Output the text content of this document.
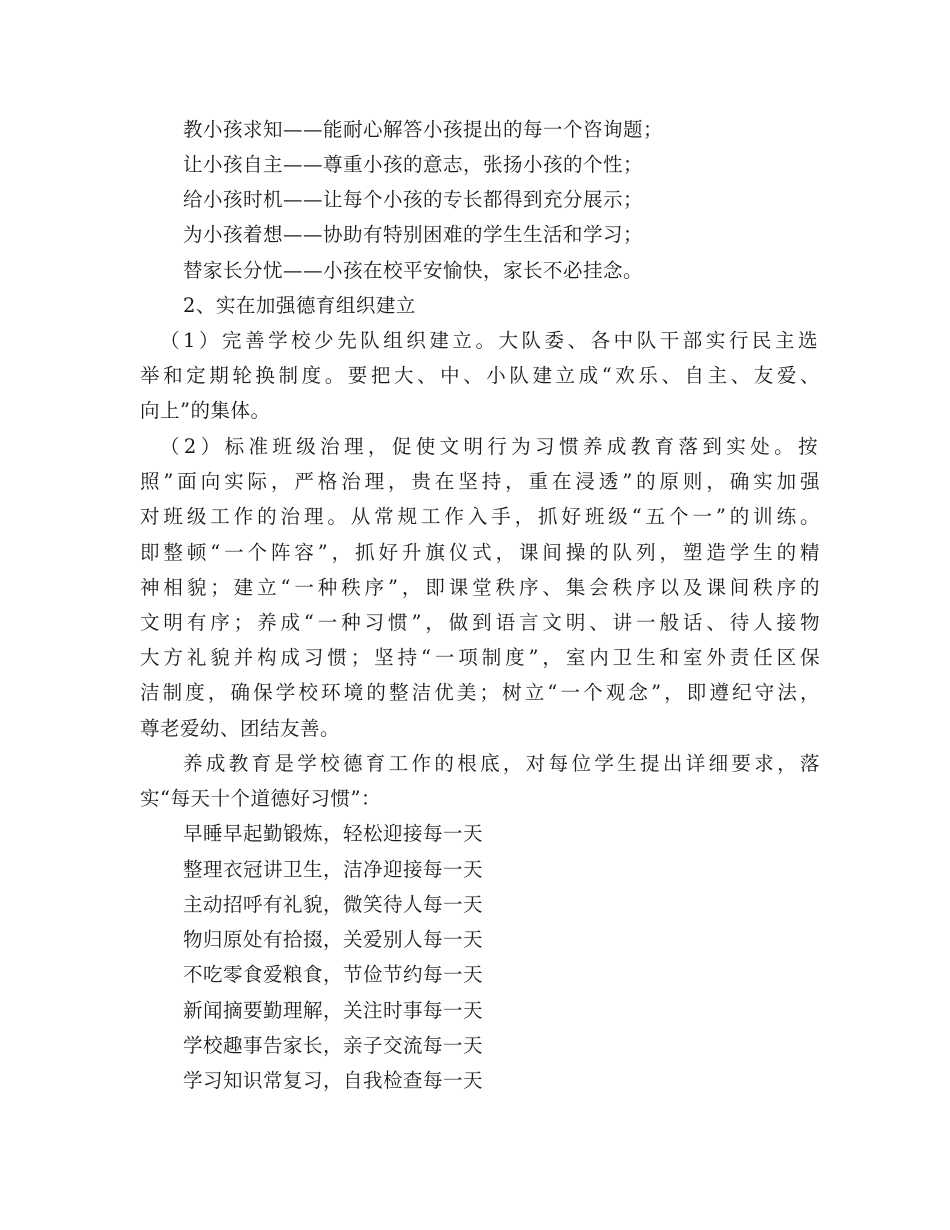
教小孩求知——能耐心解答小孩提出的每一个咨询题；
让小孩自主——尊重小孩的意志，张扬小孩的个性；
给小孩时机——让每个小孩的专长都得到充分展示；
为小孩着想——协助有特别困难的学生生活和学习；
替家长分忧——小孩在校平安愉快，家长不必挂念。
2、实在加强德育组织建立
（1）完善学校少先队组织建立。大队委、各中队干部实行民主选
举和定期轮换制度。要把大、中、小队建立成“欢乐、自主、友爱、
向上”的集体。
（2）标准班级治理，促使文明行为习惯养成教育落到实处。按
照”面向实际，严格治理，贵在坚持，重在浸透”的原则，确实加强
对班级工作的治理。从常规工作入手，抓好班级“五个一”的训练。
即整顿“一个阵容”，抓好升旗仪式，课间操的队列，塑造学生的精
神相貌；建立“一种秩序”，即课堂秩序、集会秩序以及课间秩序的
文明有序；养成“一种习惯”，做到语言文明、讲一般话、待人接物
大方礼貌并构成习惯；坚持“一项制度”，室内卫生和室外责任区保
洁制度，确保学校环境的整洁优美；树立“一个观念”，即遵纪守法，
尊老爱幼、团结友善。
养成教育是学校德育工作的根底，对每位学生提出详细要求，落
实“每天十个道德好习惯”：
早睡早起勤锻炼，轻松迎接每一天
整理衣冠讲卫生，洁净迎接每一天
主动招呼有礼貌，微笑待人每一天
物归原处有拾掇，关爱别人每一天
不吃零食爱粮食，节俭节约每一天
新闻摘要勤理解，关注时事每一天
学校趣事告家长，亲子交流每一天
学习知识常复习，自我检查每一天
